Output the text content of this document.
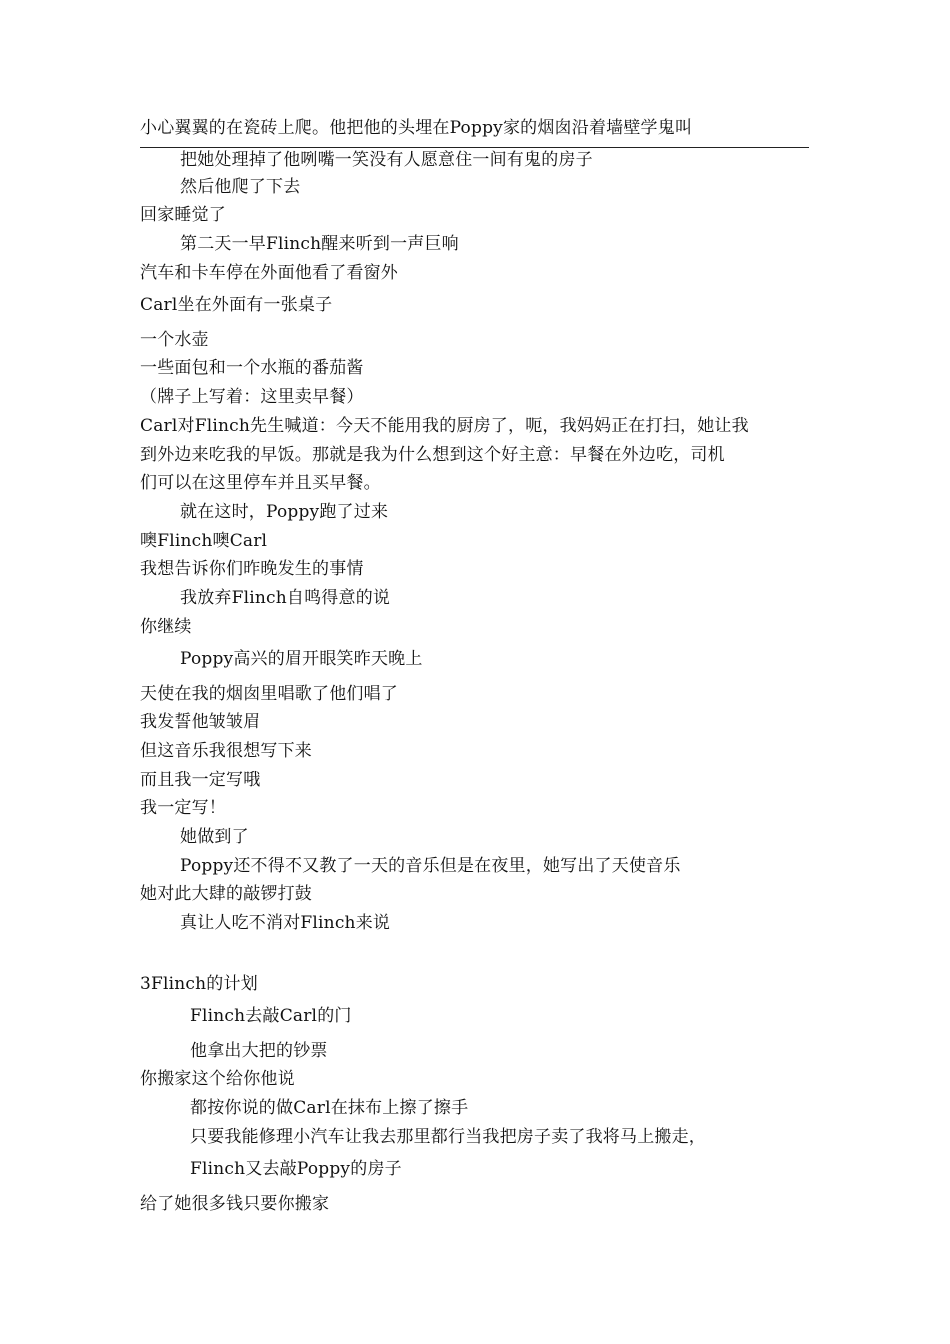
小心翼翼的在瓷砖上爬。他把他的头埋在Poppy家的烟囱沿着墙壁学鬼叫
把她处理掉了他咧嘴一笑没有人愿意住一间有鬼的房子
然后他爬了下去
回家睡觉了
第二天一早Flinch醒来听到一声巨响
汽车和卡车停在外面他看了看窗外
Carl坐在外面有一张桌子
一个水壶
一些面包和一个水瓶的番茄酱
（牌子上写着：这里卖早餐）
Carl对Flinch先生喊道：今天不能用我的厨房了，呃，我妈妈正在打扫，她让我
到外边来吃我的早饭。那就是我为什么想到这个好主意：早餐在外边吃，司机
们可以在这里停车并且买早餐。
就在这时，Poppy跑了过来
噢Flinch噢Carl
我想告诉你们昨晚发生的事情
我放弃Flinch自鸣得意的说
你继续
Poppy高兴的眉开眼笑昨天晚上
天使在我的烟囱里唱歌了他们唱了
我发誓他皱皱眉
但这音乐我很想写下来
而且我一定写哦
我一定写！
她做到了
Poppy还不得不又教了一天的音乐但是在夜里，她写出了天使音乐
她对此大肆的敲锣打鼓
真让人吃不消对Flinch来说
3Flinch的计划
Flinch去敲Carl的门
他拿出大把的钞票
你搬家这个给你他说
都按你说的做Carl在抹布上擦了擦手
只要我能修理小汽车让我去那里都行当我把房子卖了我将马上搬走，
Flinch又去敲Poppy的房子
给了她很多钱只要你搬家
